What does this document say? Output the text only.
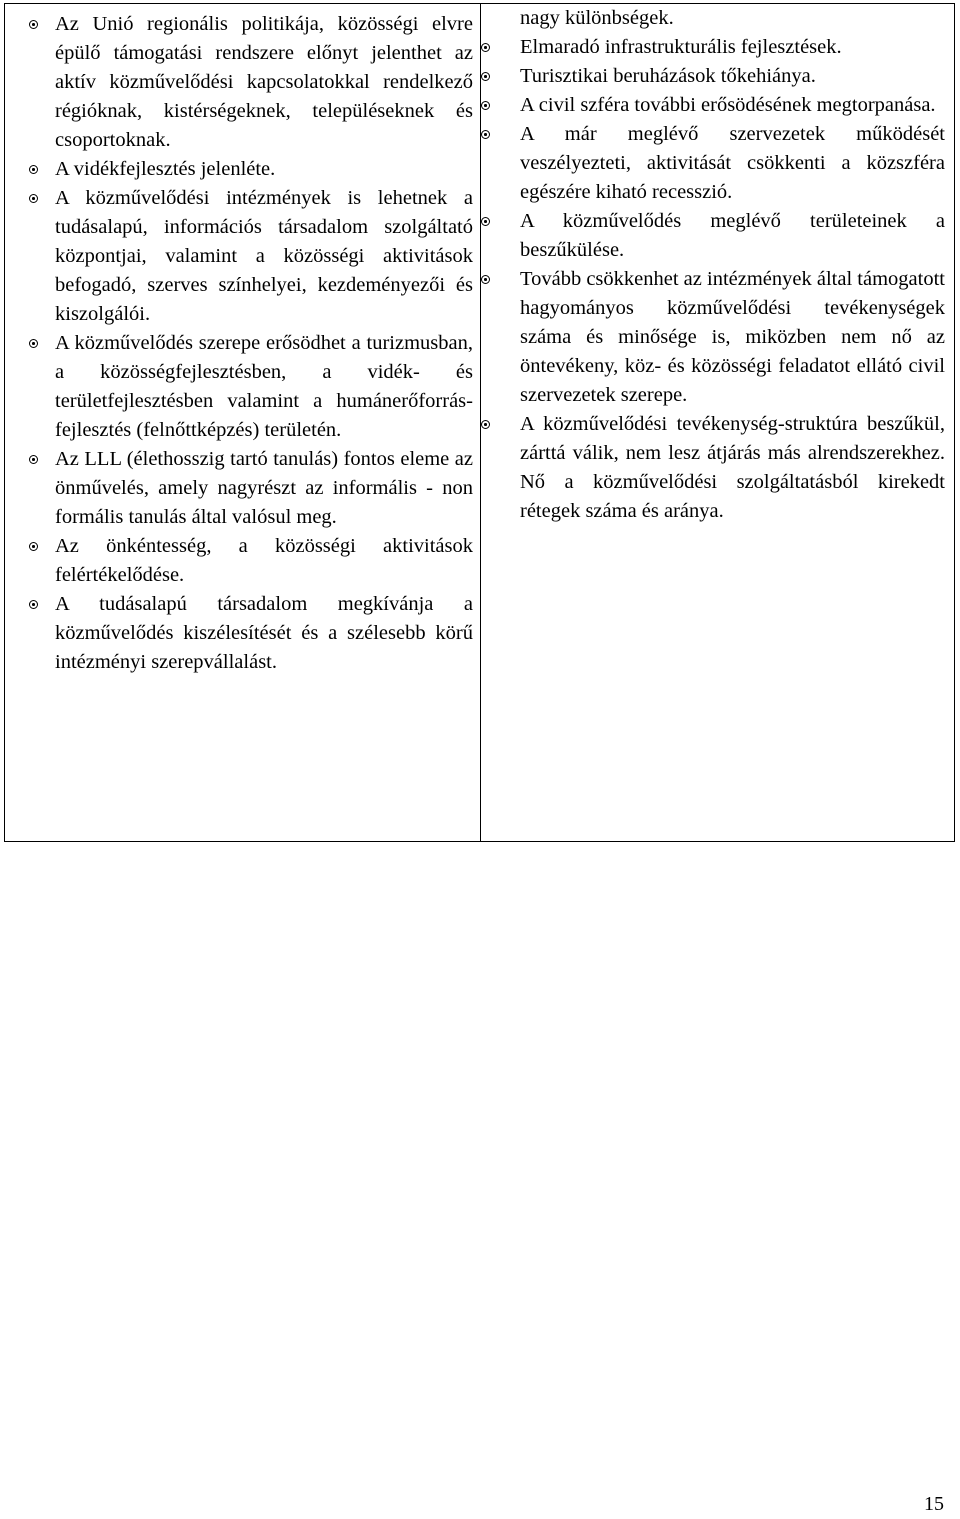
Az Unió regionális politikája, közösségi elvre épülő támogatási rendszere előnyt jelenthet az aktív közművelődési kapcsolatokkal rendelkező régióknak, kistérségeknek, településeknek és csoportoknak.
A vidékfejlesztés jelenléte.
A közművelődési intézmények is lehetnek a tudásalapú, információs társadalom szolgáltató központjai, valamint a közösségi aktivitások befogadó, szerves színhelyei, kezdeményezői és kiszolgálói.
A közművelődés szerepe erősödhet a turizmusban, a közösségfejlesztésben, a vidék- és területfejlesztésben valamint a humánerőforrás-fejlesztés (felnőttképzés) területén.
Az LLL (élethosszig tartó tanulás) fontos eleme az önművelés, amely nagyrészt az informális - non formális tanulás által valósul meg.
Az önkéntesség, a közösségi aktivitások felértékelődése.
A tudásalapú társadalom megkívánja a közművelődés kiszélesítését és a szélesebb körű intézményi szerepvállalást.
nagy különbségek.
Elmaradó infrastrukturális fejlesztések.
Turisztikai beruházások tőkehiánya.
A civil szféra további erősödésének megtorpanása.
A már meglévő szervezetek működését veszélyezteti, aktivitását csökkenti a közszféra egészére kiható recesszió.
A közművelődés meglévő területeinek a beszűkülése.
Tovább csökkenhet az intézmények által támogatott hagyományos közművelődési tevékenységek száma és minősége is, miközben nem nő az öntevékeny, köz- és közösségi feladatot ellátó civil szervezetek szerepe.
A közművelődési tevékenység-struktúra beszűkül, zárttá válik, nem lesz átjárás más alrendszerekhez. Nő a közművelődési szolgáltatásból kirekedt rétegek száma és aránya.
15
